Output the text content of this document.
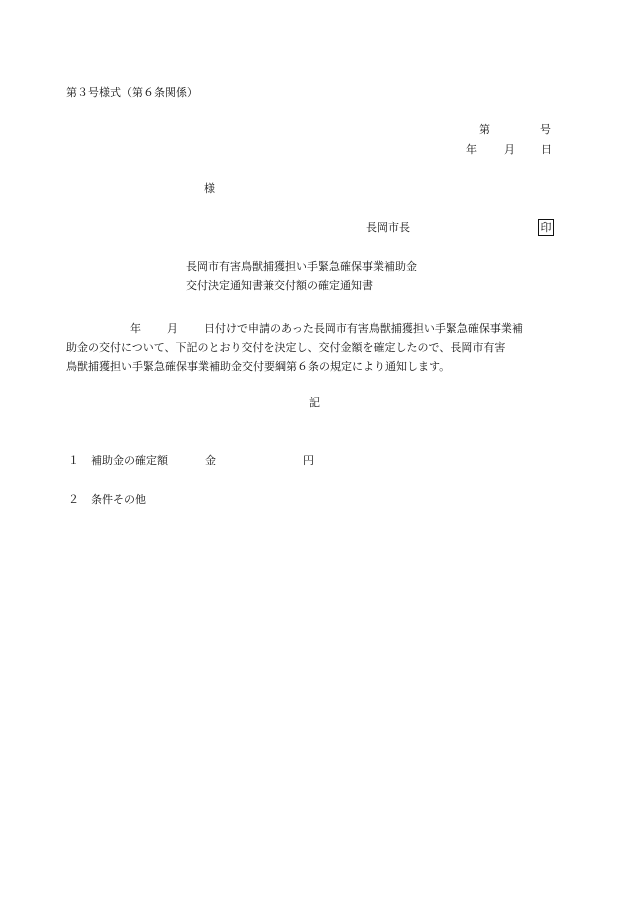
第３号様式（第６条関係）
第	号
年 月 日
様
長岡市長	印
長岡市有害鳥獣捕獲担い手緊急確保事業補助金
交付決定通知書兼交付額の確定通知書
年 月 日付けで申請のあった長岡市有害鳥獣捕獲担い手緊急確保事業補
助金の交付について、下記のとおり交付を決定し、交付金額を確定したので、長岡市有害
鳥獣捕獲担い手緊急確保事業補助金交付要綱第６条の規定により通知します。
記
１ 補助金の確定額	金	円
２ 条件その他
